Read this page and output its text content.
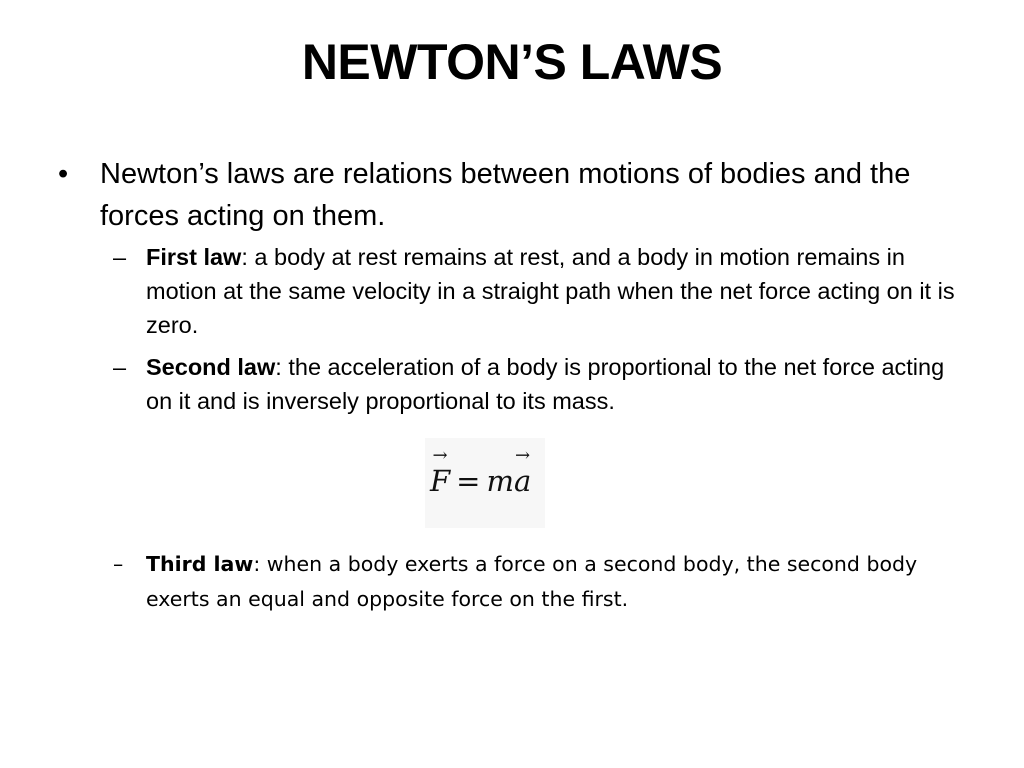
NEWTON’S LAWS
• Newton’s laws are relations between motions of bodies and the forces acting on them.
– First law: a body at rest remains at rest, and a body in motion remains in motion at the same velocity in a straight path when the net force acting on it is zero.
– Second law: the acceleration of a body is proportional to the net force acting on it and is inversely proportional to its mass.
→
F = m
→
a
– Third law: when a body exerts a force on a second body, the second body exerts an equal and opposite force on the first.
